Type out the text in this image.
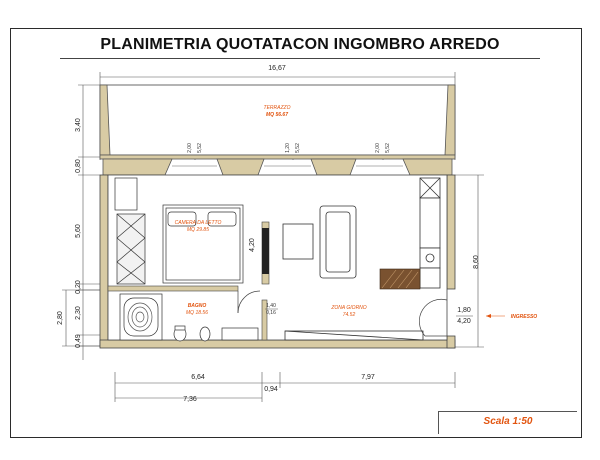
PLANIMETRIA QUOTATACON INGOMBRO ARREDO
16,67
TERRAZZO
MQ 56.67
3,40
0,80
5,60
0,20
2,30
2,80
0,49
8,60
1,80
4,20
INGRESSO
6,64
0,94
7,97
7,36
4,20
2,00 5,52	1,20 5,52	2,00 5,52
CAMERA DA LETTO
MQ 29.85
BAGNO
MQ 18.56
1,40
0,16
ZONA GIORNO
74.52
Scala 1:50
